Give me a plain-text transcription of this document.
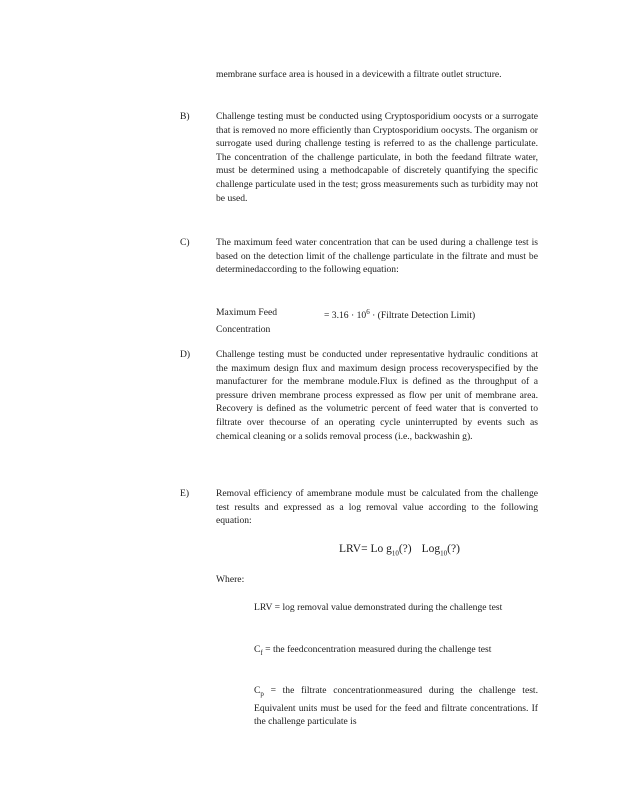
membrane surface area is housed in a devicewith a filtrate outlet structure.

B)	Challenge testing must be conducted using Cryptosporidium oocysts or a surrogate that is removed no more efficiently than Cryptosporidium oocysts. The organism or surrogate used during challenge testing is referred to as the challenge particulate. The concentration of the challenge particulate, in both the feedand filtrate water, must be determined using a methodcapable of discretely quantifying the specific challenge particulate used in the test; gross measurements such as turbidity may not be used.

C)	The maximum feed water concentration that can be used during a challenge test is based on the detection limit of the challenge particulate in the filtrate and must be determinedaccording to the following equation:

Maximum Feed	= $3.16 \cdot 10^6$ · (Filtrate Detection Limit)
Concentration
D)	Challenge testing must be conducted under representative hydraulic conditions at the maximum design flux and maximum design process recoveryspecified by the manufacturer for the membrane module.Flux is defined as the throughput of a pressure driven membrane process expressed as flow per unit of membrane area. Recovery is defined as the volumetric percent of feed water that is converted to filtrate over thecourse of an operating cycle uninterrupted by events such as chemical cleaning or a solids removal process (i.e., backwashin g).

E)	Removal efficiency of amembrane module must be calculated from the challenge test results and expressed as a log removal value according to the following equation:

LRV= Lo $g_{10}(?)$ Log$_{10}$(?)
Where:
LRV = log removal value demonstrated during the challenge test
$C_f$ = the feedconcentration measured during the challenge test
$C_p$ = the filtrate concentrationmeasured during the challenge test. Equivalent units must be used for the feed and filtrate concentrations. If the challenge particulate is
